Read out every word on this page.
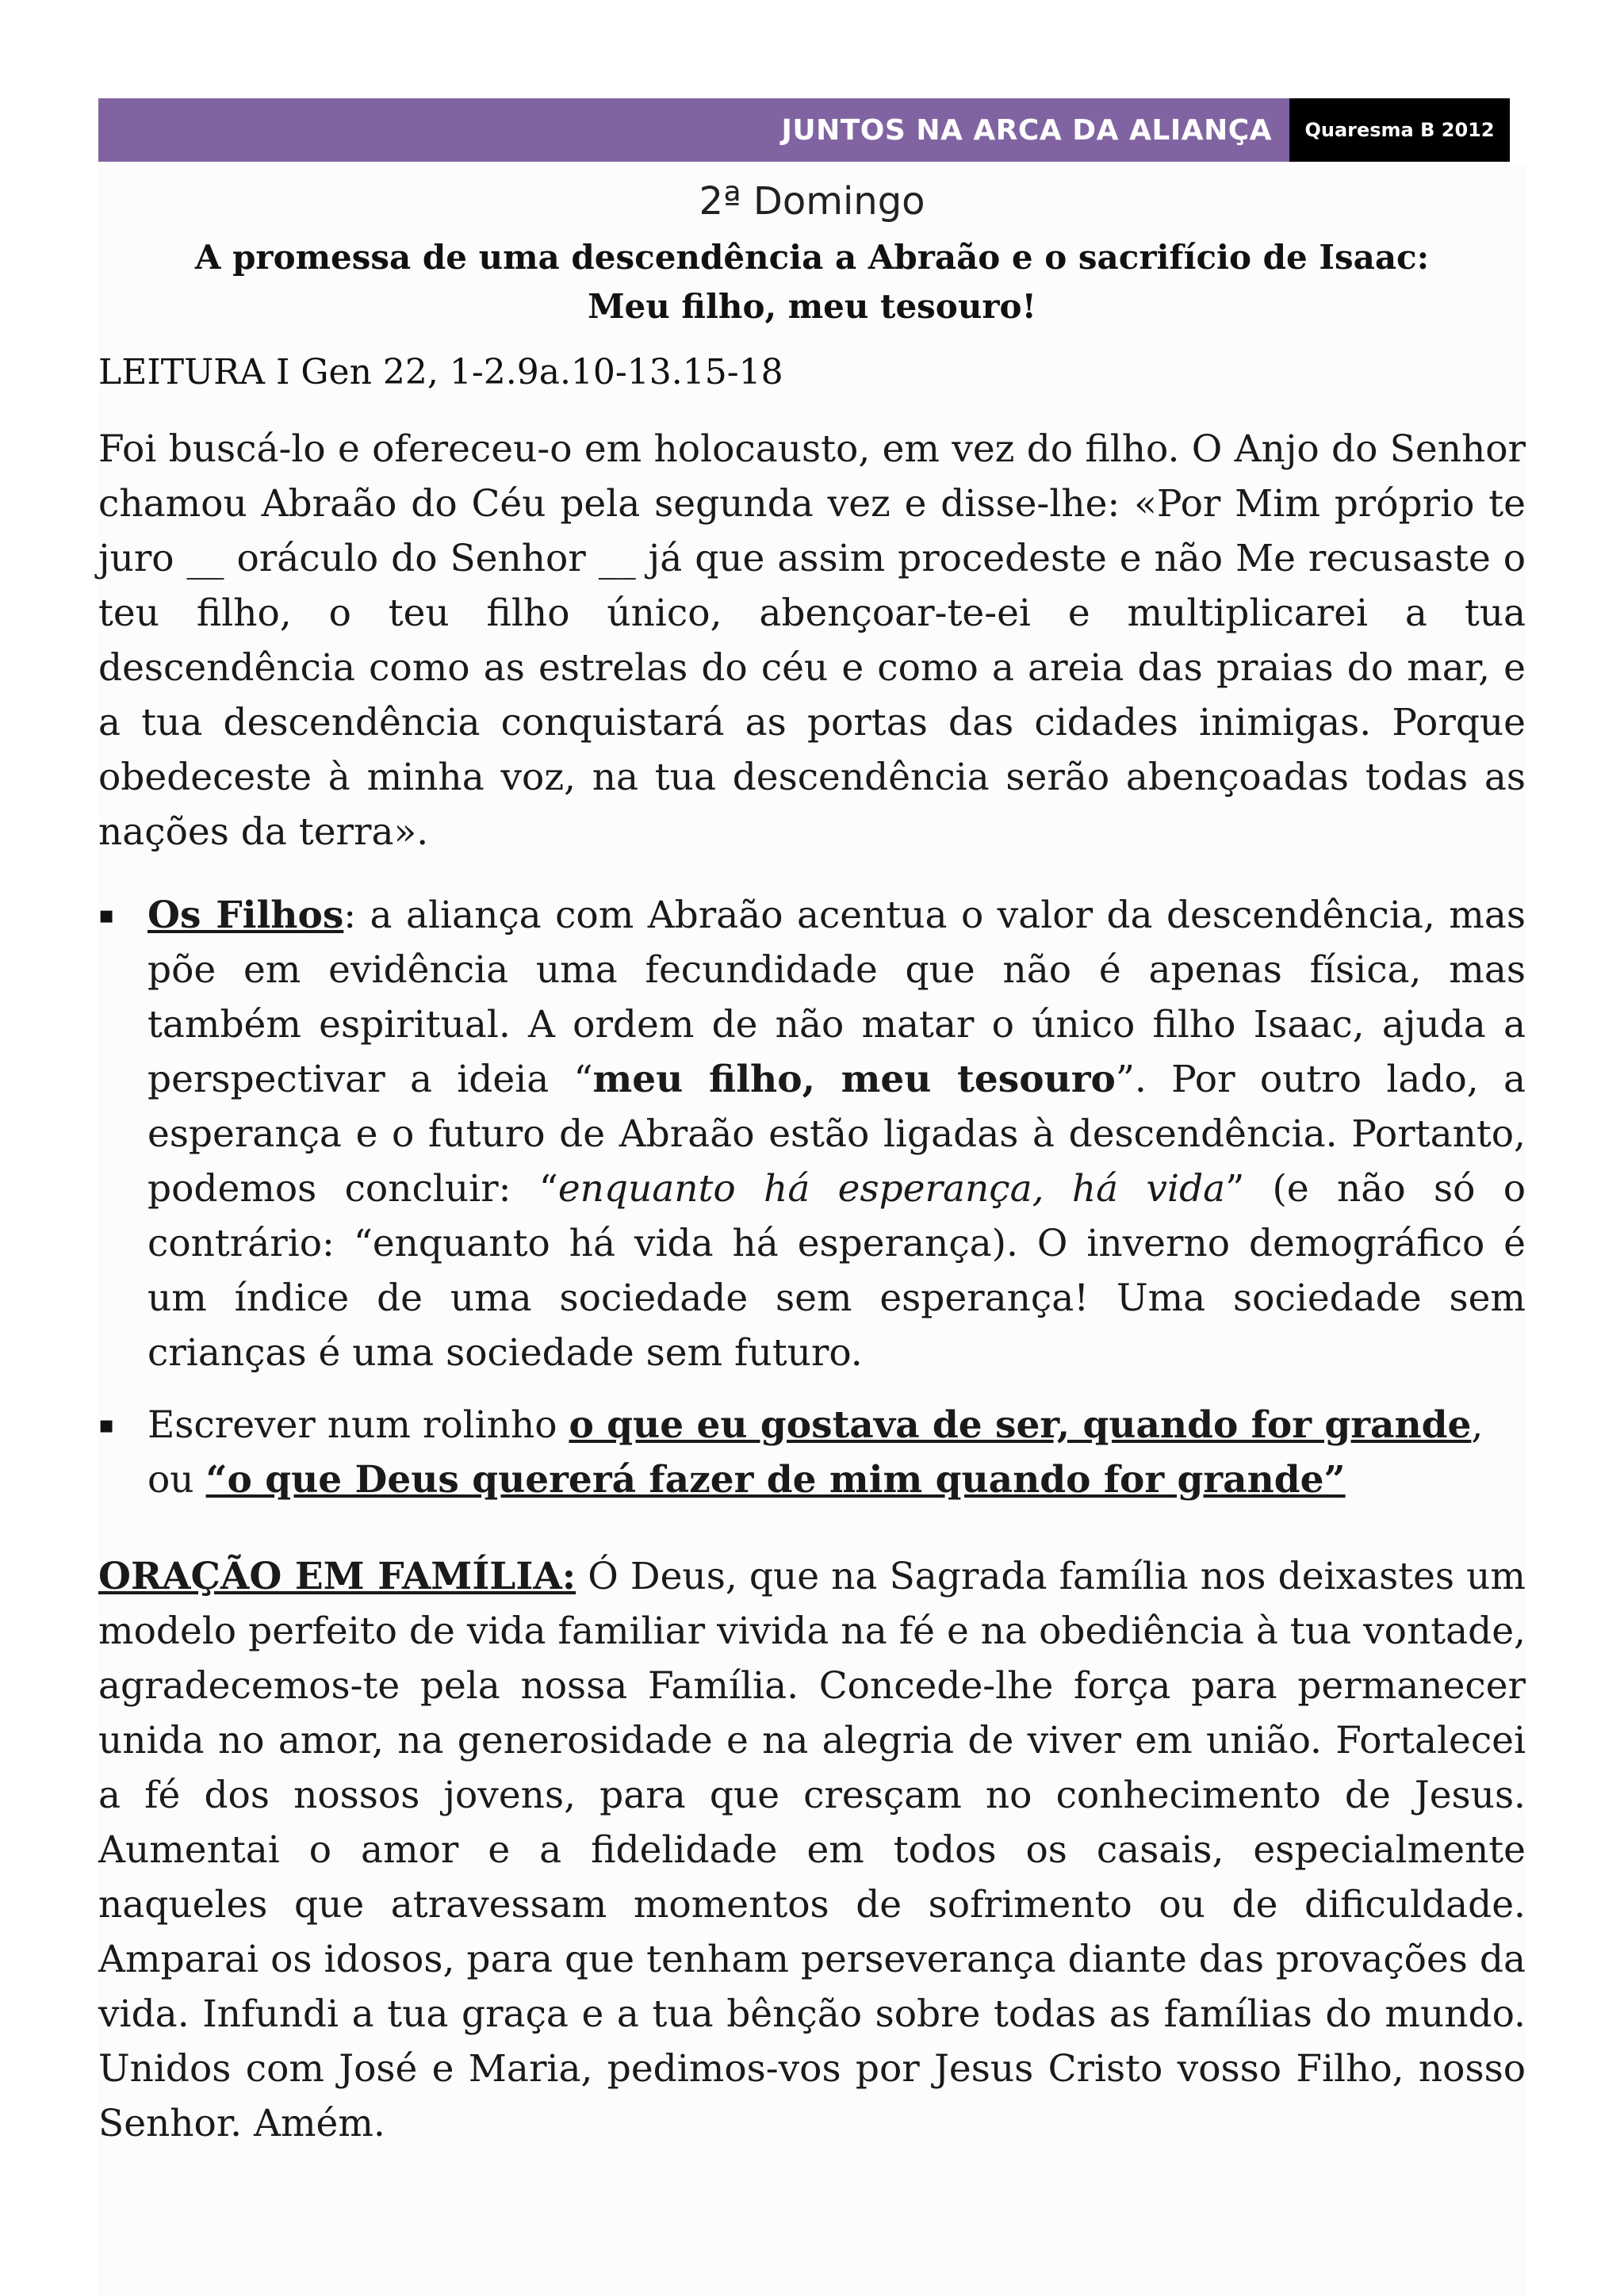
JUNTOS NA ARCA DA ALIANÇA	Quaresma B 2012
2ª Domingo
A promessa de uma descendência a Abraão e o sacrifício de Isaac:
Meu filho, meu tesouro!
LEITURA I Gen 22, 1-2.9a.10-13.15-18
Foi buscá-lo e ofereceu-o em holocausto, em vez do filho. O Anjo do Senhor chamou Abraão do Céu pela segunda vez e disse-lhe: «Por Mim próprio te juro __ oráculo do Senhor __ já que assim procedeste e não Me recusaste o teu filho, o teu filho único, abençoar-te-ei e multiplicarei a tua descendência como as estrelas do céu e como a areia das praias do mar, e a tua descendência conquistará as portas das cidades inimigas. Porque obedeceste à minha voz, na tua descendência serão abençoadas todas as nações da terra».
▪ Os Filhos: a aliança com Abraão acentua o valor da descendência, mas põe em evidência uma fecundidade que não é apenas física, mas também espiritual. A ordem de não matar o único filho Isaac, ajuda a perspectivar a ideia “meu filho, meu tesouro”. Por outro lado, a esperança e o futuro de Abraão estão ligadas à descendência. Portanto, podemos concluir: “enquanto há esperança, há vida” (e não só o contrário: “enquanto há vida há esperança). O inverno demográfico é um índice de uma sociedade sem esperança! Uma sociedade sem crianças é uma sociedade sem futuro.
▪ Escrever num rolinho o que eu gostava de ser, quando for grande, ou “o que Deus quererá fazer de mim quando for grande”
ORAÇÃO EM FAMÍLIA: Ó Deus, que na Sagrada família nos deixastes um modelo perfeito de vida familiar vivida na fé e na obediência à tua vontade, agradecemos-te pela nossa Família. Concede-lhe força para permanecer unida no amor, na generosidade e na alegria de viver em união. Fortalecei a fé dos nossos jovens, para que cresçam no conhecimento de Jesus. Aumentai o amor e a fidelidade em todos os casais, especialmente naqueles que atravessam momentos de sofrimento ou de dificuldade. Amparai os idosos, para que tenham perseverança diante das provações da vida. Infundi a tua graça e a tua bênção sobre todas as famílias do mundo. Unidos com José e Maria, pedimos-vos por Jesus Cristo vosso Filho, nosso Senhor. Amém.
